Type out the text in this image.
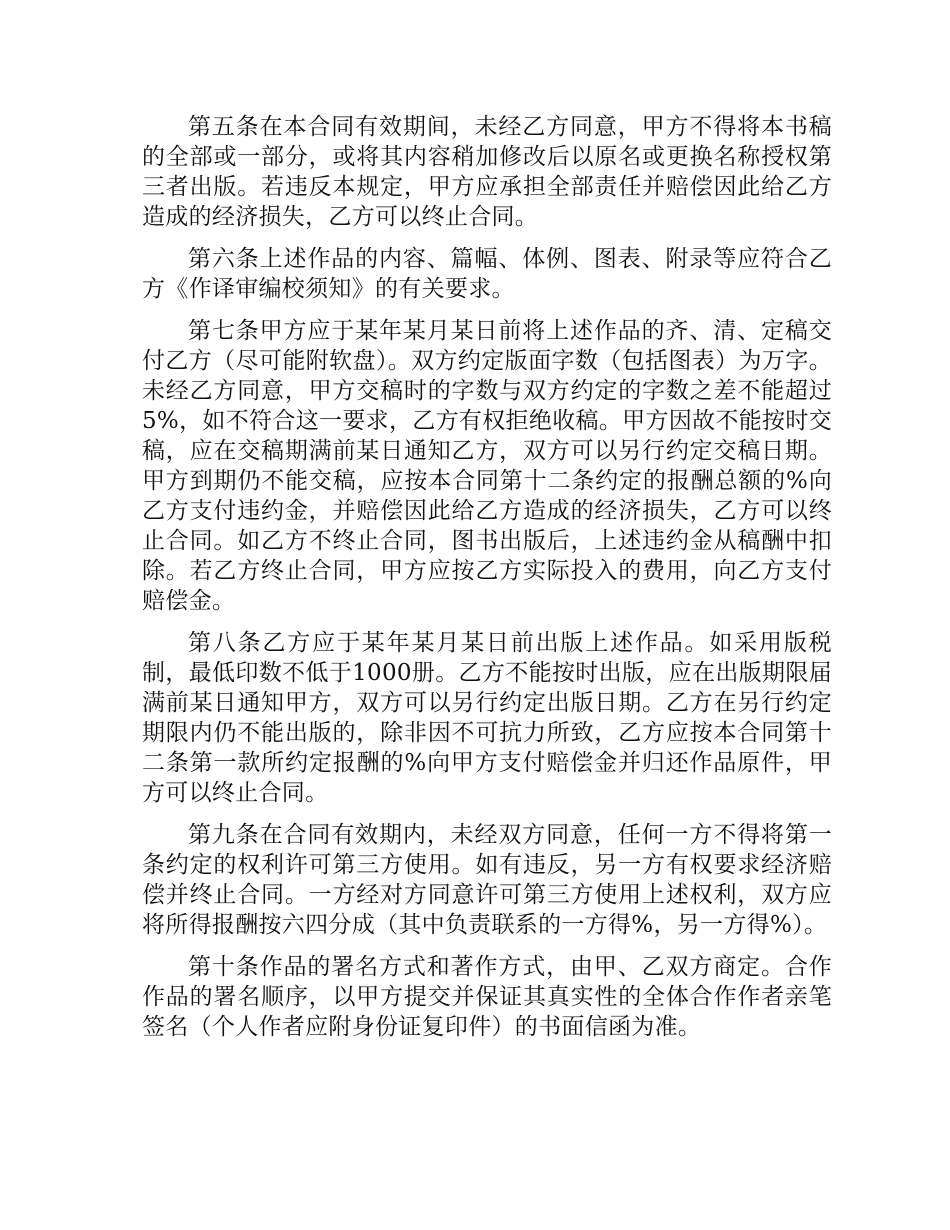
第五条在本合同有效期间，未经乙方同意，甲方不得将本书稿的全部或一部分，或将其内容稍加修改后以原名或更换名称授权第三者出版。若违反本规定，甲方应承担全部责任并赔偿因此给乙方造成的经济损失，乙方可以终止合同。

第六条上述作品的内容、篇幅、体例、图表、附录等应符合乙方《作译审编校须知》的有关要求。

第七条甲方应于某年某月某日前将上述作品的齐、清、定稿交付乙方（尽可能附软盘）。双方约定版面字数（包括图表）为万字。未经乙方同意，甲方交稿时的字数与双方约定的字数之差不能超过5%，如不符合这一要求，乙方有权拒绝收稿。甲方因故不能按时交稿，应在交稿期满前某日通知乙方，双方可以另行约定交稿日期。甲方到期仍不能交稿，应按本合同第十二条约定的报酬总额的%向乙方支付违约金，并赔偿因此给乙方造成的经济损失，乙方可以终止合同。如乙方不终止合同，图书出版后，上述违约金从稿酬中扣除。若乙方终止合同，甲方应按乙方实际投入的费用，向乙方支付赔偿金。

第八条乙方应于某年某月某日前出版上述作品。如采用版税制，最低印数不低于1000册。乙方不能按时出版，应在出版期限届满前某日通知甲方，双方可以另行约定出版日期。乙方在另行约定期限内仍不能出版的，除非因不可抗力所致，乙方应按本合同第十二条第一款所约定报酬的%向甲方支付赔偿金并归还作品原件，甲方可以终止合同。

第九条在合同有效期内，未经双方同意，任何一方不得将第一条约定的权利许可第三方使用。如有违反，另一方有权要求经济赔偿并终止合同。一方经对方同意许可第三方使用上述权利，双方应将所得报酬按六四分成（其中负责联系的一方得%，另一方得%）。

第十条作品的署名方式和著作方式，由甲、乙双方商定。合作作品的署名顺序，以甲方提交并保证其真实性的全体合作作者亲笔签名（个人作者应附身份证复印件）的书面信函为准。
